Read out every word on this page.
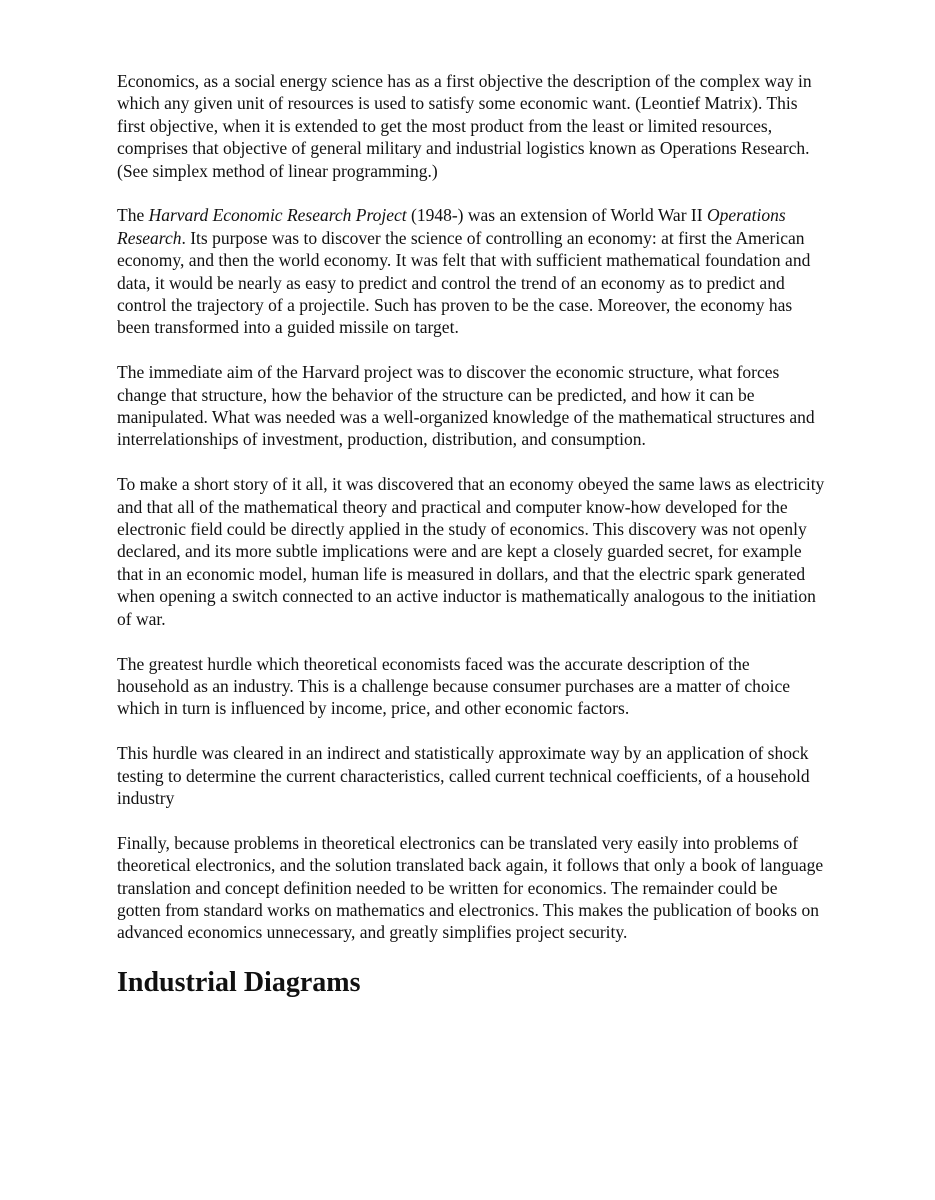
Economics, as a social energy science has as a first objective the description of the complex way in which any given unit of resources is used to satisfy some economic want. (Leontief Matrix). This first objective, when it is extended to get the most product from the least or limited resources, comprises that objective of general military and industrial logistics known as Operations Research. (See simplex method of linear programming.)

The Harvard Economic Research Project (1948-) was an extension of World War II Operations Research. Its purpose was to discover the science of controlling an economy: at first the American economy, and then the world economy. It was felt that with sufficient mathematical foundation and data, it would be nearly as easy to predict and control the trend of an economy as to predict and control the trajectory of a projectile. Such has proven to be the case. Moreover, the economy has been transformed into a guided missile on target.

The immediate aim of the Harvard project was to discover the economic structure, what forces change that structure, how the behavior of the structure can be predicted, and how it can be manipulated. What was needed was a well-organized knowledge of the mathematical structures and interrelationships of investment, production, distribution, and consumption.

To make a short story of it all, it was discovered that an economy obeyed the same laws as electricity and that all of the mathematical theory and practical and computer know-how developed for the electronic field could be directly applied in the study of economics. This discovery was not openly declared, and its more subtle implications were and are kept a closely guarded secret, for example that in an economic model, human life is measured in dollars, and that the electric spark generated when opening a switch connected to an active inductor is mathematically analogous to the initiation of war.

The greatest hurdle which theoretical economists faced was the accurate description of the household as an industry. This is a challenge because consumer purchases are a matter of choice which in turn is influenced by income, price, and other economic factors.

This hurdle was cleared in an indirect and statistically approximate way by an application of shock testing to determine the current characteristics, called current technical coefficients, of a household industry

Finally, because problems in theoretical electronics can be translated very easily into problems of theoretical electronics, and the solution translated back again, it follows that only a book of language translation and concept definition needed to be written for economics. The remainder could be gotten from standard works on mathematics and electronics. This makes the publication of books on advanced economics unnecessary, and greatly simplifies project security.

Industrial Diagrams
